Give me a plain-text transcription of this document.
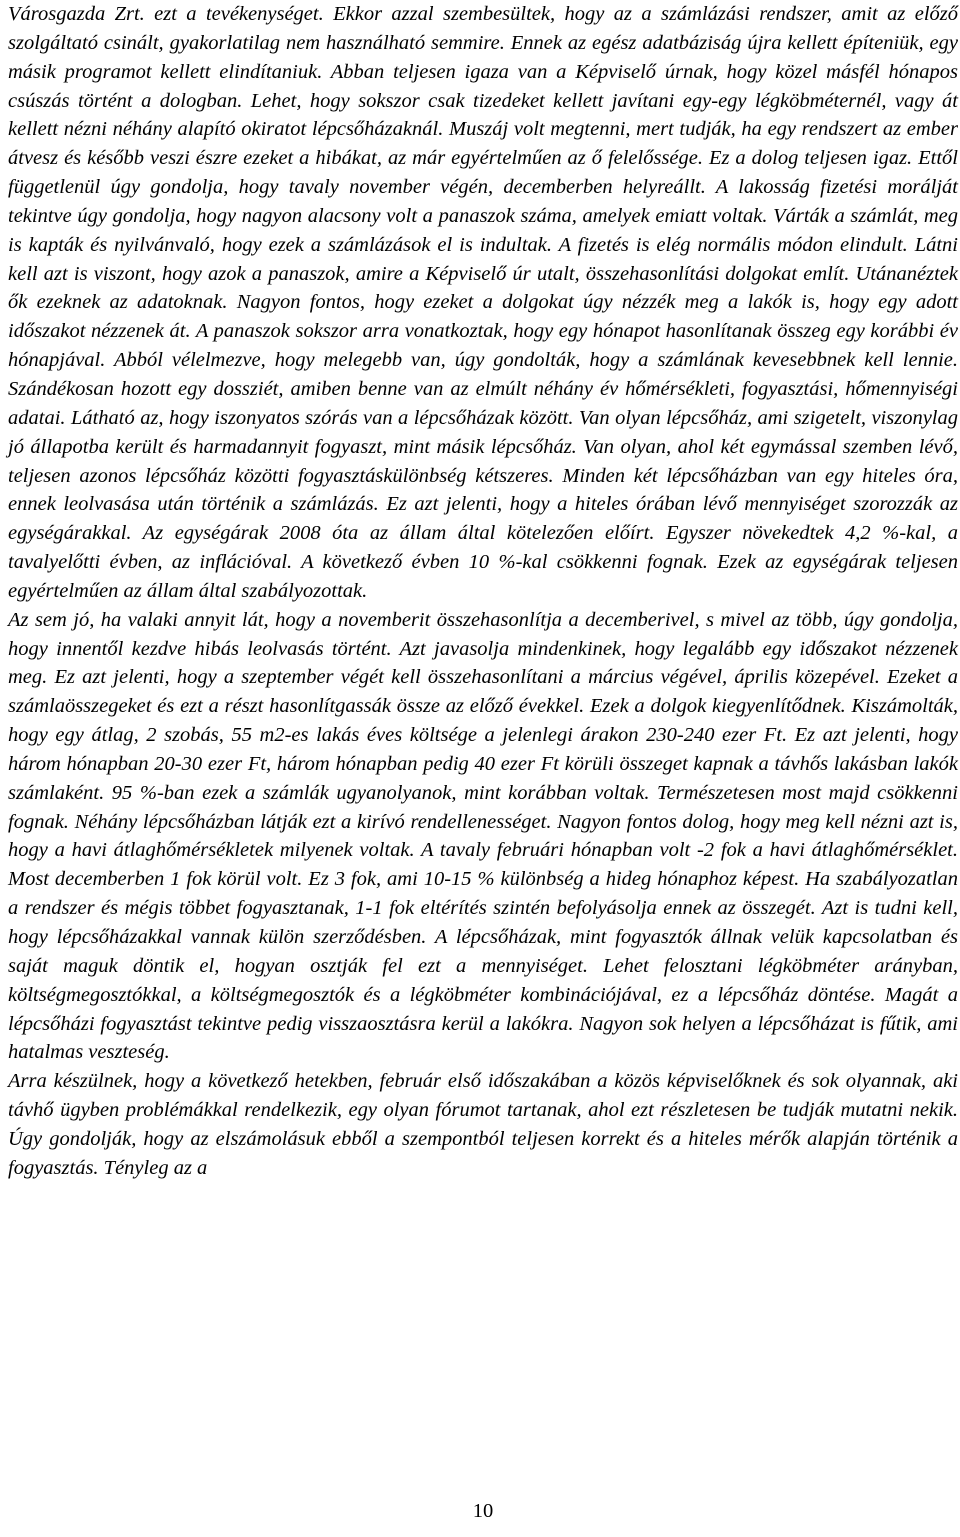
Városgazda Zrt. ezt a tevékenységet. Ekkor azzal szembesültek, hogy az a számlázási rendszer, amit az előző szolgáltató csinált, gyakorlatilag nem használható semmire. Ennek az egész adatbáziság újra kellett építeniük, egy másik programot kellett elindítaniuk. Abban teljesen igaza van a Képviselő úrnak, hogy közel másfél hónapos csúszás történt a dologban. Lehet, hogy sokszor csak tizedeket kellett javítani egy-egy légköbméternél, vagy át kellett nézni néhány alapító okiratot lépcsőházaknál. Muszáj volt megtenni, mert tudják, ha egy rendszert az ember átvesz és később veszi észre ezeket a hibákat, az már egyértelműen az ő felelőssége. Ez a dolog teljesen igaz. Ettől függetlenül úgy gondolja, hogy tavaly november végén, decemberben helyreállt. A lakosság fizetési morálját tekintve úgy gondolja, hogy nagyon alacsony volt a panaszok száma, amelyek emiatt voltak. Várták a számlát, meg is kapták és nyilvánvaló, hogy ezek a számlázások el is indultak. A fizetés is elég normális módon elindult. Látni kell azt is viszont, hogy azok a panaszok, amire a Képviselő úr utalt, összehasonlítási dolgokat említ. Utánanéztek ők ezeknek az adatoknak. Nagyon fontos, hogy ezeket a dolgokat úgy nézzék meg a lakók is, hogy egy adott időszakot nézzenek át. A panaszok sokszor arra vonatkoztak, hogy egy hónapot hasonlítanak összeg egy korábbi év hónapjával. Abból vélelmezve, hogy melegebb van, úgy gondolták, hogy a számlának kevesebbnek kell lennie. Szándékosan hozott egy dossziét, amiben benne van az elmúlt néhány év hőmérsékleti, fogyasztási, hőmennyiségi adatai. Látható az, hogy iszonyatos szórás van a lépcsőházak között. Van olyan lépcsőház, ami szigetelt, viszonylag jó állapotba került és harmadannyit fogyaszt, mint másik lépcsőház. Van olyan, ahol két egymással szemben lévő, teljesen azonos lépcsőház közötti fogyasztáskülönbség kétszeres. Minden két lépcsőházban van egy hiteles óra, ennek leolvasása után történik a számlázás. Ez azt jelenti, hogy a hiteles órában lévő mennyiséget szorozzák az egységárakkal. Az egységárak 2008 óta az állam által kötelezően előírt. Egyszer növekedtek 4,2 %-kal, a tavalyelőtti évben, az inflációval. A következő évben 10 %-kal csökkenni fognak. Ezek az egységárak teljesen egyértelműen az állam által szabályozottak.

Az sem jó, ha valaki annyit lát, hogy a novemberit összehasonlítja a decemberivel, s mivel az több, úgy gondolja, hogy innentől kezdve hibás leolvasás történt. Azt javasolja mindenkinek, hogy legalább egy időszakot nézzenek meg. Ez azt jelenti, hogy a szeptember végét kell összehasonlítani a március végével, április közepével. Ezeket a számlaösszegeket és ezt a részt hasonlítgassák össze az előző évekkel. Ezek a dolgok kiegyenlítődnek. Kiszámolták, hogy egy átlag, 2 szobás, 55 m2-es lakás éves költsége a jelenlegi árakon 230-240 ezer Ft. Ez azt jelenti, hogy három hónapban 20-30 ezer Ft, három hónapban pedig 40 ezer Ft körüli összeget kapnak a távhős lakásban lakók számlaként. 95 %-ban ezek a számlák ugyanolyanok, mint korábban voltak. Természetesen most majd csökkenni fognak. Néhány lépcsőházban látják ezt a kirívó rendellenességet. Nagyon fontos dolog, hogy meg kell nézni azt is, hogy a havi átlaghőmérsékletek milyenek voltak. A tavaly februári hónapban volt -2 fok a havi átlaghőmérséklet. Most decemberben 1 fok körül volt. Ez 3 fok, ami 10-15 % különbség a hideg hónaphoz képest. Ha szabályozatlan a rendszer és mégis többet fogyasztanak, 1-1 fok eltérítés szintén befolyásolja ennek az összegét. Azt is tudni kell, hogy lépcsőházakkal vannak külön szerződésben. A lépcsőházak, mint fogyasztók állnak velük kapcsolatban és saját maguk döntik el, hogyan osztják fel ezt a mennyiséget. Lehet felosztani légköbméter arányban, költségmegosztókkal, a költségmegosztók és a légköbméter kombinációjával, ez a lépcsőház döntése. Magát a lépcsőházi fogyasztást tekintve pedig visszaosztásra kerül a lakókra. Nagyon sok helyen a lépcsőházat is fűtik, ami hatalmas veszteség.

Arra készülnek, hogy a következő hetekben, február első időszakában a közös képviselőknek és sok olyannak, aki távhő ügyben problémákkal rendelkezik, egy olyan fórumot tartanak, ahol ezt részletesen be tudják mutatni nekik. Úgy gondolják, hogy az elszámolásuk ebből a szempontból teljesen korrekt és a hiteles mérők alapján történik a fogyasztás. Tényleg az a

10
